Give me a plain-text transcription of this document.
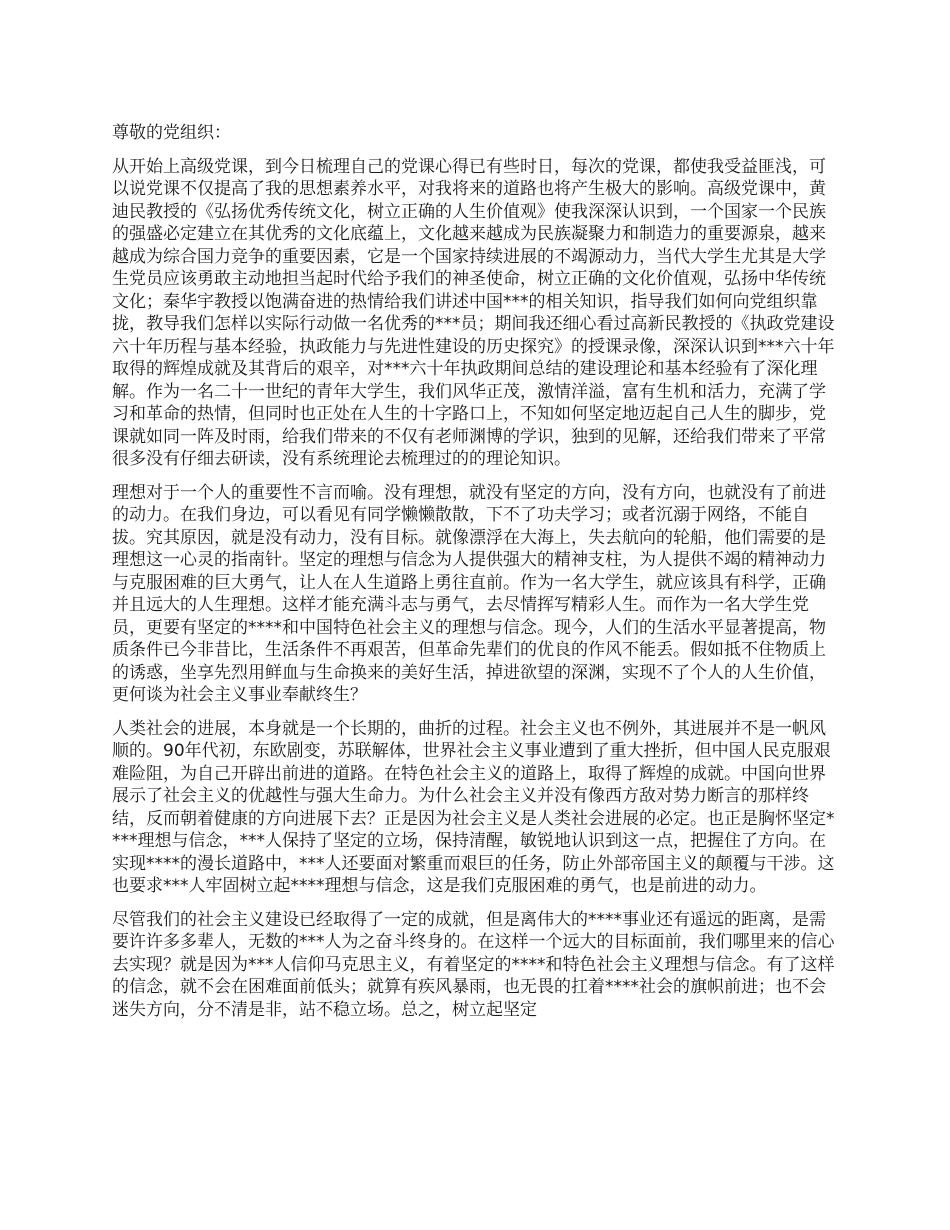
尊敬的党组织：

从开始上高级党课，到今日梳理自己的党课心得已有些时日，每次的党课，都使我受益匪浅，可以说党课不仅提高了我的思想素养水平，对我将来的道路也将产生极大的影响。高级党课中，黄迪民教授的《弘扬优秀传统文化，树立正确的人生价值观》使我深深认识到，一个国家一个民族的强盛必定建立在其优秀的文化底蕴上，文化越来越成为民族凝聚力和制造力的重要源泉，越来越成为综合国力竞争的重要因素，它是一个国家持续进展的不竭源动力，当代大学生尤其是大学生党员应该勇敢主动地担当起时代给予我们的神圣使命，树立正确的文化价值观，弘扬中华传统文化；秦华宇教授以饱满奋进的热情给我们讲述中国***的相关知识，指导我们如何向党组织靠拢，教导我们怎样以实际行动做一名优秀的***员；期间我还细心看过高新民教授的《执政党建设六十年历程与基本经验，执政能力与先进性建设的历史探究》的授课录像，深深认识到***六十年取得的辉煌成就及其背后的艰辛，对***六十年执政期间总结的建设理论和基本经验有了深化理解。作为一名二十一世纪的青年大学生，我们风华正茂，激情洋溢，富有生机和活力，充满了学习和革命的热情，但同时也正处在人生的十字路口上，不知如何坚定地迈起自己人生的脚步，党课就如同一阵及时雨，给我们带来的不仅有老师渊博的学识，独到的见解，还给我们带来了平常很多没有仔细去研读，没有系统理论去梳理过的的理论知识。

理想对于一个人的重要性不言而喻。没有理想，就没有坚定的方向，没有方向，也就没有了前进的动力。在我们身边，可以看见有同学懒懒散散，下不了功夫学习；或者沉溺于网络，不能自拔。究其原因，就是没有动力，没有目标。就像漂浮在大海上，失去航向的轮船，他们需要的是理想这一心灵的指南针。坚定的理想与信念为人提供强大的精神支柱，为人提供不竭的精神动力与克服困难的巨大勇气，让人在人生道路上勇往直前。作为一名大学生，就应该具有科学，正确并且远大的人生理想。这样才能充满斗志与勇气，去尽情挥写精彩人生。而作为一名大学生党员，更要有坚定的****和中国特色社会主义的理想与信念。现今，人们的生活水平显著提高，物质条件已今非昔比，生活条件不再艰苦，但革命先辈们的优良的作风不能丢。假如抵不住物质上的诱惑，坐享先烈用鲜血与生命换来的美好生活，掉进欲望的深渊，实现不了个人的人生价值，更何谈为社会主义事业奉献终生？

人类社会的进展，本身就是一个长期的，曲折的过程。社会主义也不例外，其进展并不是一帆风顺的。90年代初，东欧剧变，苏联解体，世界社会主义事业遭到了重大挫折，但中国人民克服艰难险阻，为自己开辟出前进的道路。在特色社会主义的道路上，取得了辉煌的成就。中国向世界展示了社会主义的优越性与强大生命力。为什么社会主义并没有像西方敌对势力断言的那样终结，反而朝着健康的方向进展下去？正是因为社会主义是人类社会进展的必定。也正是胸怀坚定****理想与信念，***人保持了坚定的立场，保持清醒，敏锐地认识到这一点，把握住了方向。在实现****的漫长道路中，***人还要面对繁重而艰巨的任务，防止外部帝国主义的颠覆与干涉。这也要求***人牢固树立起****理想与信念，这是我们克服困难的勇气，也是前进的动力。

尽管我们的社会主义建设已经取得了一定的成就，但是离伟大的****事业还有遥远的距离，是需要许许多多辈人，无数的***人为之奋斗终身的。在这样一个远大的目标面前，我们哪里来的信心去实现？就是因为***人信仰马克思主义，有着坚定的****和特色社会主义理想与信念。有了这样的信念，就不会在困难面前低头；就算有疾风暴雨，也无畏的扛着****社会的旗帜前进；也不会迷失方向，分不清是非，站不稳立场。总之，树立起坚定
